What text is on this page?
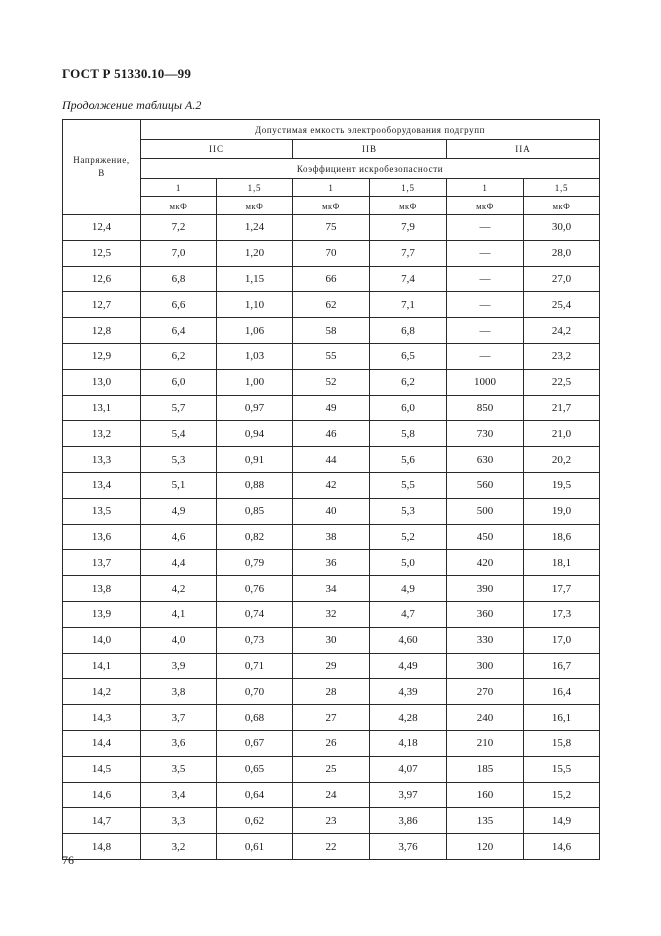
ГОСТ Р 51330.10—99
Продолжение таблицы А.2
Напряжение,
В	Допустимая емкость электрооборудования подгрупп					
	IIС		IIВ		IIА	
	Коэффициент искробезопасности					
	1	1,5	1	1,5	1	1,5
	мкФ	мкФ	мкФ	мкФ	мкФ	мкФ
12,4	7,2	1,24	75	7,9	—	30,0
12,5	7,0	1,20	70	7,7	—	28,0
12,6	6,8	1,15	66	7,4	—	27,0
12,7	6,6	1,10	62	7,1	—	25,4
12,8	6,4	1,06	58	6,8	—	24,2
12,9	6,2	1,03	55	6,5	—	23,2
13,0	6,0	1,00	52	6,2	1000	22,5
13,1	5,7	0,97	49	6,0	850	21,7
13,2	5,4	0,94	46	5,8	730	21,0
13,3	5,3	0,91	44	5,6	630	20,2
13,4	5,1	0,88	42	5,5	560	19,5
13,5	4,9	0,85	40	5,3	500	19,0
13,6	4,6	0,82	38	5,2	450	18,6
13,7	4,4	0,79	36	5,0	420	18,1
13,8	4,2	0,76	34	4,9	390	17,7
13,9	4,1	0,74	32	4,7	360	17,3
14,0	4,0	0,73	30	4,60	330	17,0
14,1	3,9	0,71	29	4,49	300	16,7
14,2	3,8	0,70	28	4,39	270	16,4
14,3	3,7	0,68	27	4,28	240	16,1
14,4	3,6	0,67	26	4,18	210	15,8
14,5	3,5	0,65	25	4,07	185	15,5
14,6	3,4	0,64	24	3,97	160	15,2
14,7	3,3	0,62	23	3,86	135	14,9
14,8	3,2	0,61	22	3,76	120	14,6
76
